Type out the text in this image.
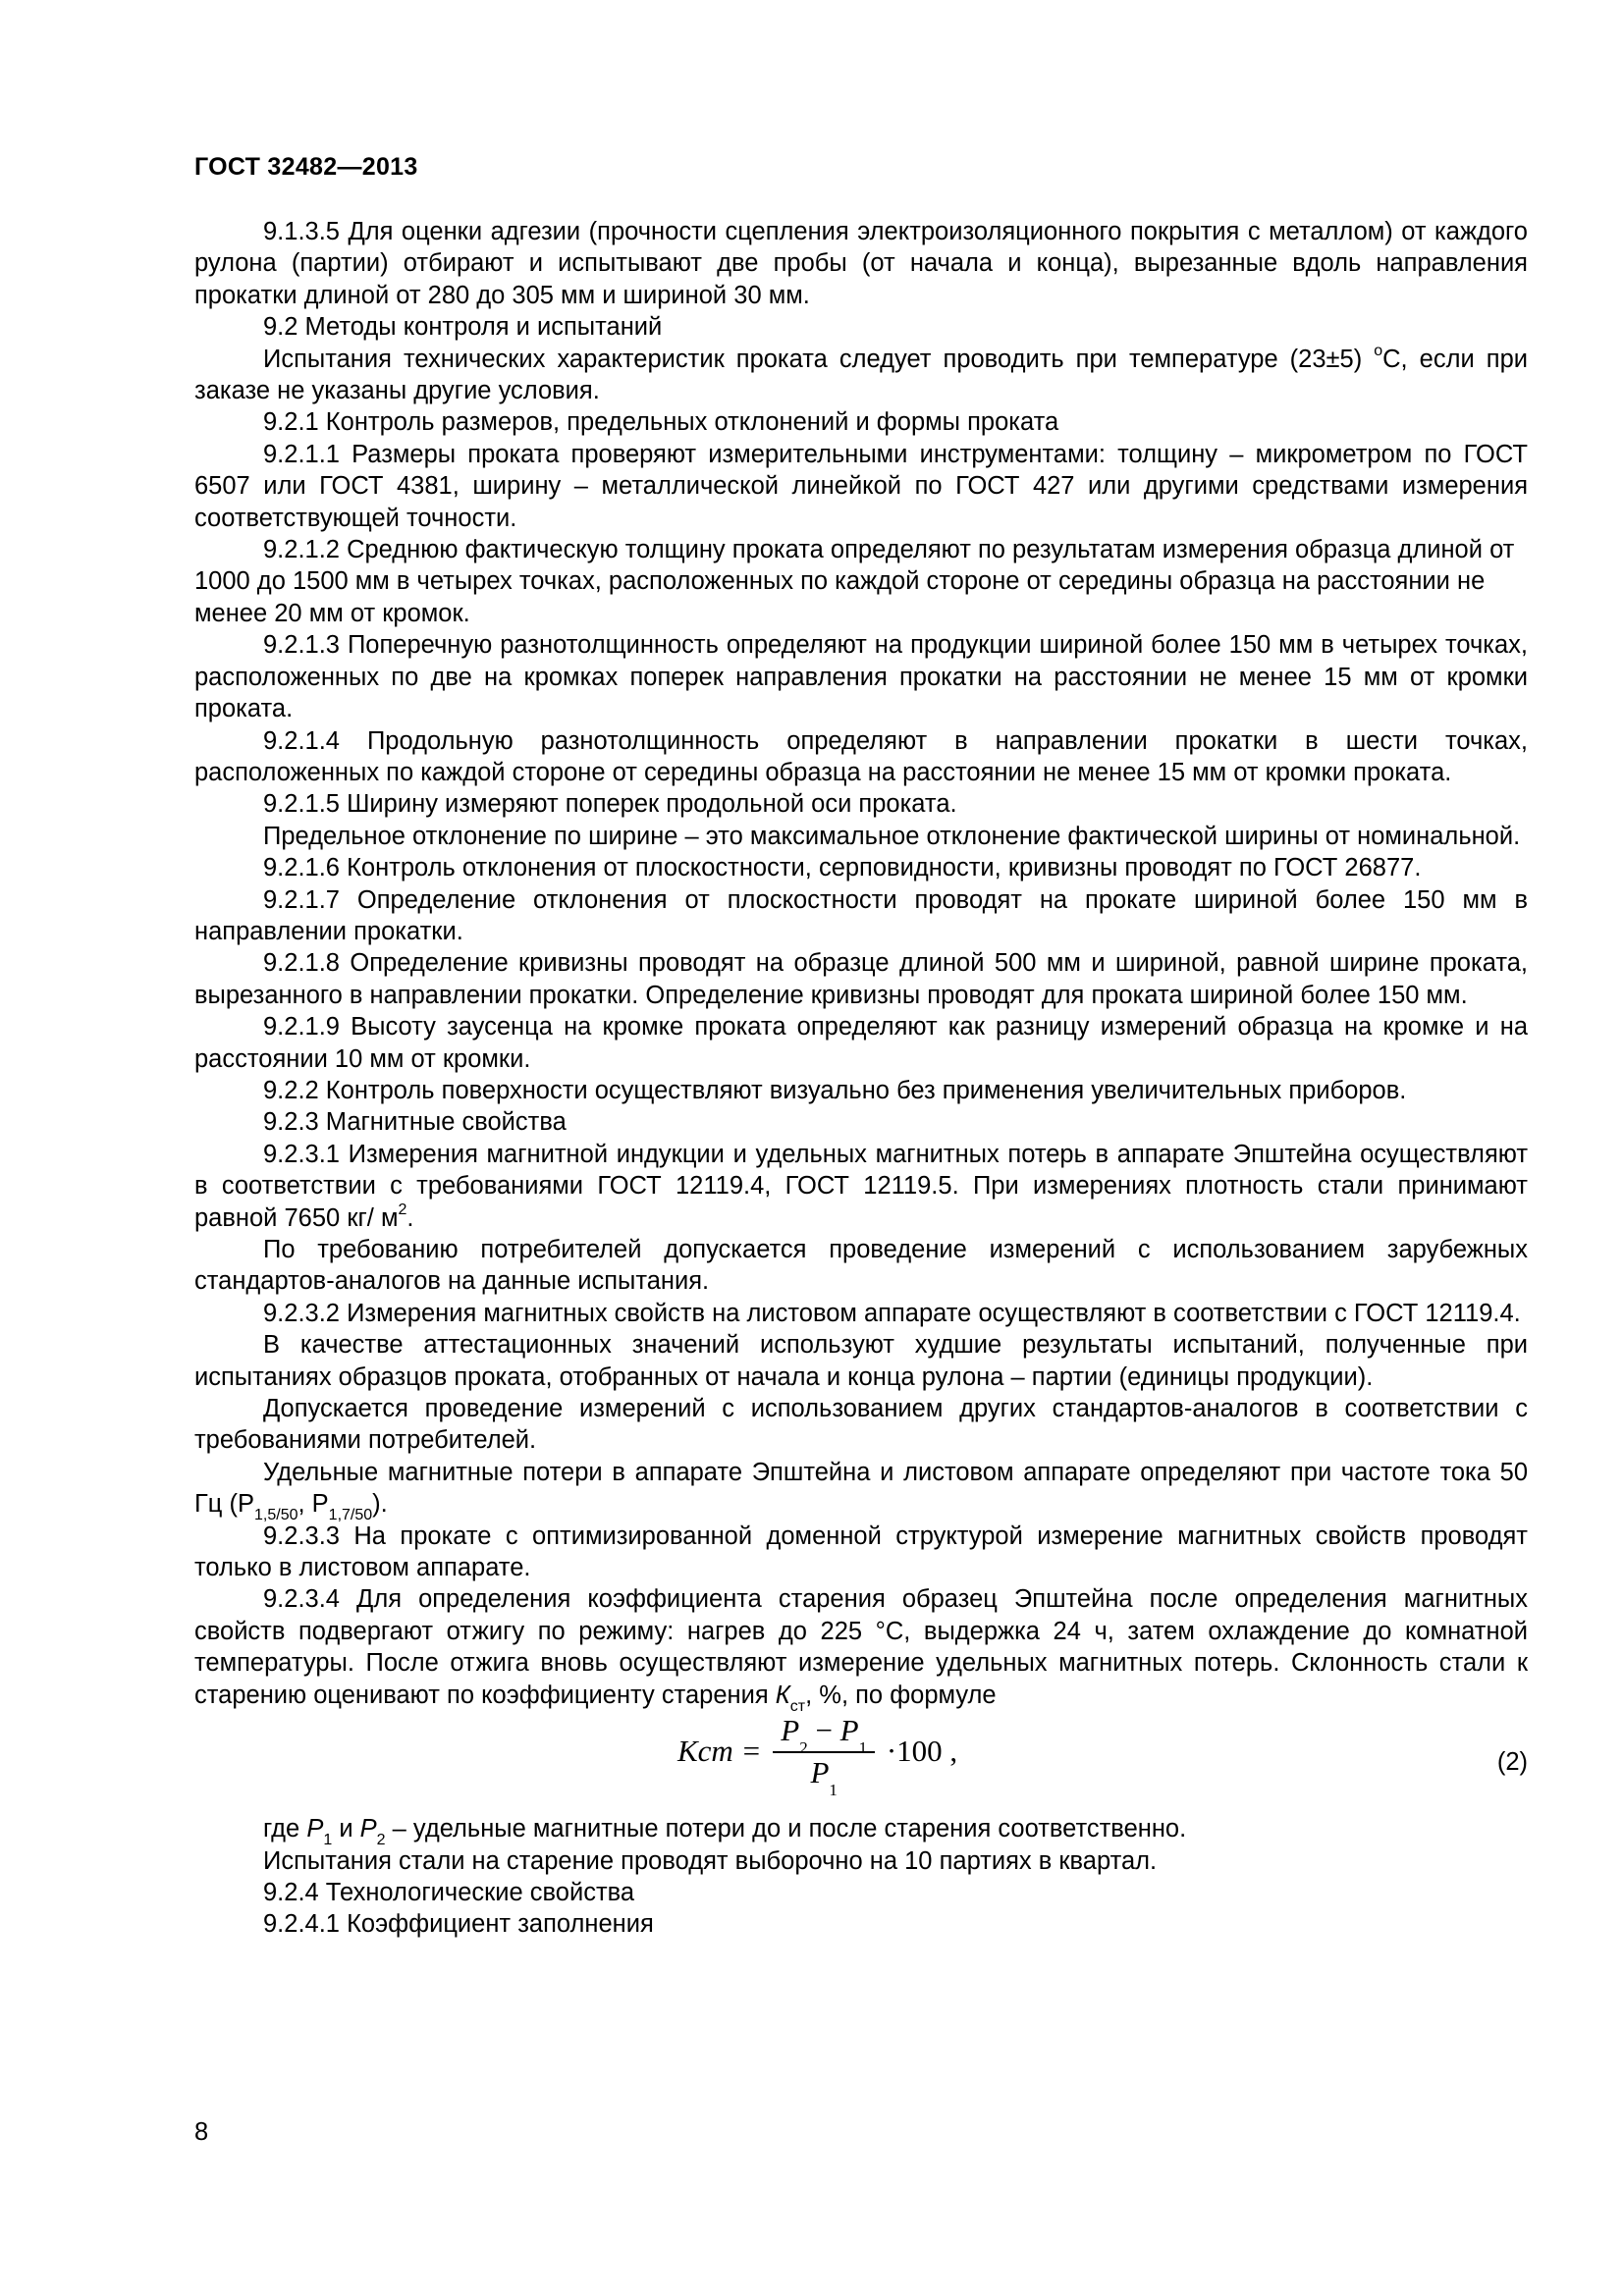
ГОСТ 32482—2013

9.1.3.5 Для оценки адгезии (прочности сцепления электроизоляционного покрытия с металлом) от каждого рулона (партии) отбирают и испытывают две пробы (от начала и конца), вырезанные вдоль направления прокатки длиной от 280 до 305 мм и шириной 30 мм.

9.2 Методы контроля и испытаний

Испытания технических характеристик проката следует проводить при температуре (23±5) $^o$C, если при заказе не указаны другие условия.

9.2.1 Контроль размеров, предельных отклонений и формы проката

9.2.1.1 Размеры проката проверяют измерительными инструментами: толщину – микрометром по ГОСТ 6507 или ГОСТ 4381, ширину – металлической линейкой по ГОСТ 427 или другими средствами измерения соответствующей точности.

9.2.1.2 Среднюю фактическую толщину проката определяют по результатам измерения образца длиной от 1000 до 1500 мм в четырех точках, расположенных по каждой стороне от середины образца на расстоянии не менее 20 мм от кромок.

9.2.1.3 Поперечную разнотолщинность определяют на продукции шириной более 150 мм в четырех точках, расположенных по две на кромках поперек направления прокатки на расстоянии не менее 15 мм от кромки проката.

9.2.1.4 Продольную разнотолщинность определяют в направлении прокатки в шести точках, расположенных по каждой стороне от середины образца на расстоянии не менее 15 мм от кромки проката.

9.2.1.5 Ширину измеряют поперек продольной оси проката.

Предельное отклонение по ширине – это максимальное отклонение фактической ширины от номинальной.

9.2.1.6 Контроль отклонения от плоскостности, серповидности, кривизны проводят по ГОСТ 26877.

9.2.1.7 Определение отклонения от плоскостности проводят на прокате шириной более 150 мм в направлении прокатки.

9.2.1.8 Определение кривизны проводят на образце длиной 500 мм и шириной, равной ширине проката, вырезанного в направлении прокатки. Определение кривизны проводят для проката шириной более 150 мм.

9.2.1.9 Высоту заусенца на кромке проката определяют как разницу измерений образца на кромке и на расстоянии 10 мм от кромки.

9.2.2 Контроль поверхности осуществляют визуально без применения увеличительных приборов.

9.2.3 Магнитные свойства

9.2.3.1 Измерения магнитной индукции и удельных магнитных потерь в аппарате Эпштейна осуществляют в соответствии с требованиями ГОСТ 12119.4, ГОСТ 12119.5. При измерениях плотность стали принимают равной 7650 кг/ $м^2$.

По требованию потребителей допускается проведение измерений с использованием зарубежных стандартов-аналогов на данные испытания.

9.2.3.2 Измерения магнитных свойств на листовом аппарате осуществляют в соответствии с ГОСТ 12119.4.

В качестве аттестационных значений используют худшие результаты испытаний, полученные при испытаниях образцов проката, отобранных от начала и конца рулона – партии (единицы продукции).

Допускается проведение измерений с использованием других стандартов-аналогов в соответствии с требованиями потребителей.

Удельные магнитные потери в аппарате Эпштейна и листовом аппарате определяют при частоте тока 50 Гц ($Р_{1,5/50}$, $Р_{1,7/50}$).

9.2.3.3 На прокате с оптимизированной доменной структурой измерение магнитных свойств проводят только в листовом аппарате.

9.2.3.4 Для определения коэффициента старения образец Эпштейна после определения магнитных свойств подвергают отжигу по режиму: нагрев до 225 °С, выдержка 24 ч, затем охлаждение до комнатной температуры. После отжига вновь осуществляют измерение удельных магнитных потерь. Склонность стали к старению оценивают по коэффициенту старения $К_{ст}$, %, по формуле

Kcт = $\frac{P_2 - P_1}{P_1} \cdot 100$ ,	(2)

где $Р_1$ и $Р_2$ – удельные магнитные потери до и после старения соответственно.

Испытания стали на старение проводят выборочно на 10 партиях в квартал.

9.2.4 Технологические свойства

9.2.4.1 Коэффициент заполнения

8
